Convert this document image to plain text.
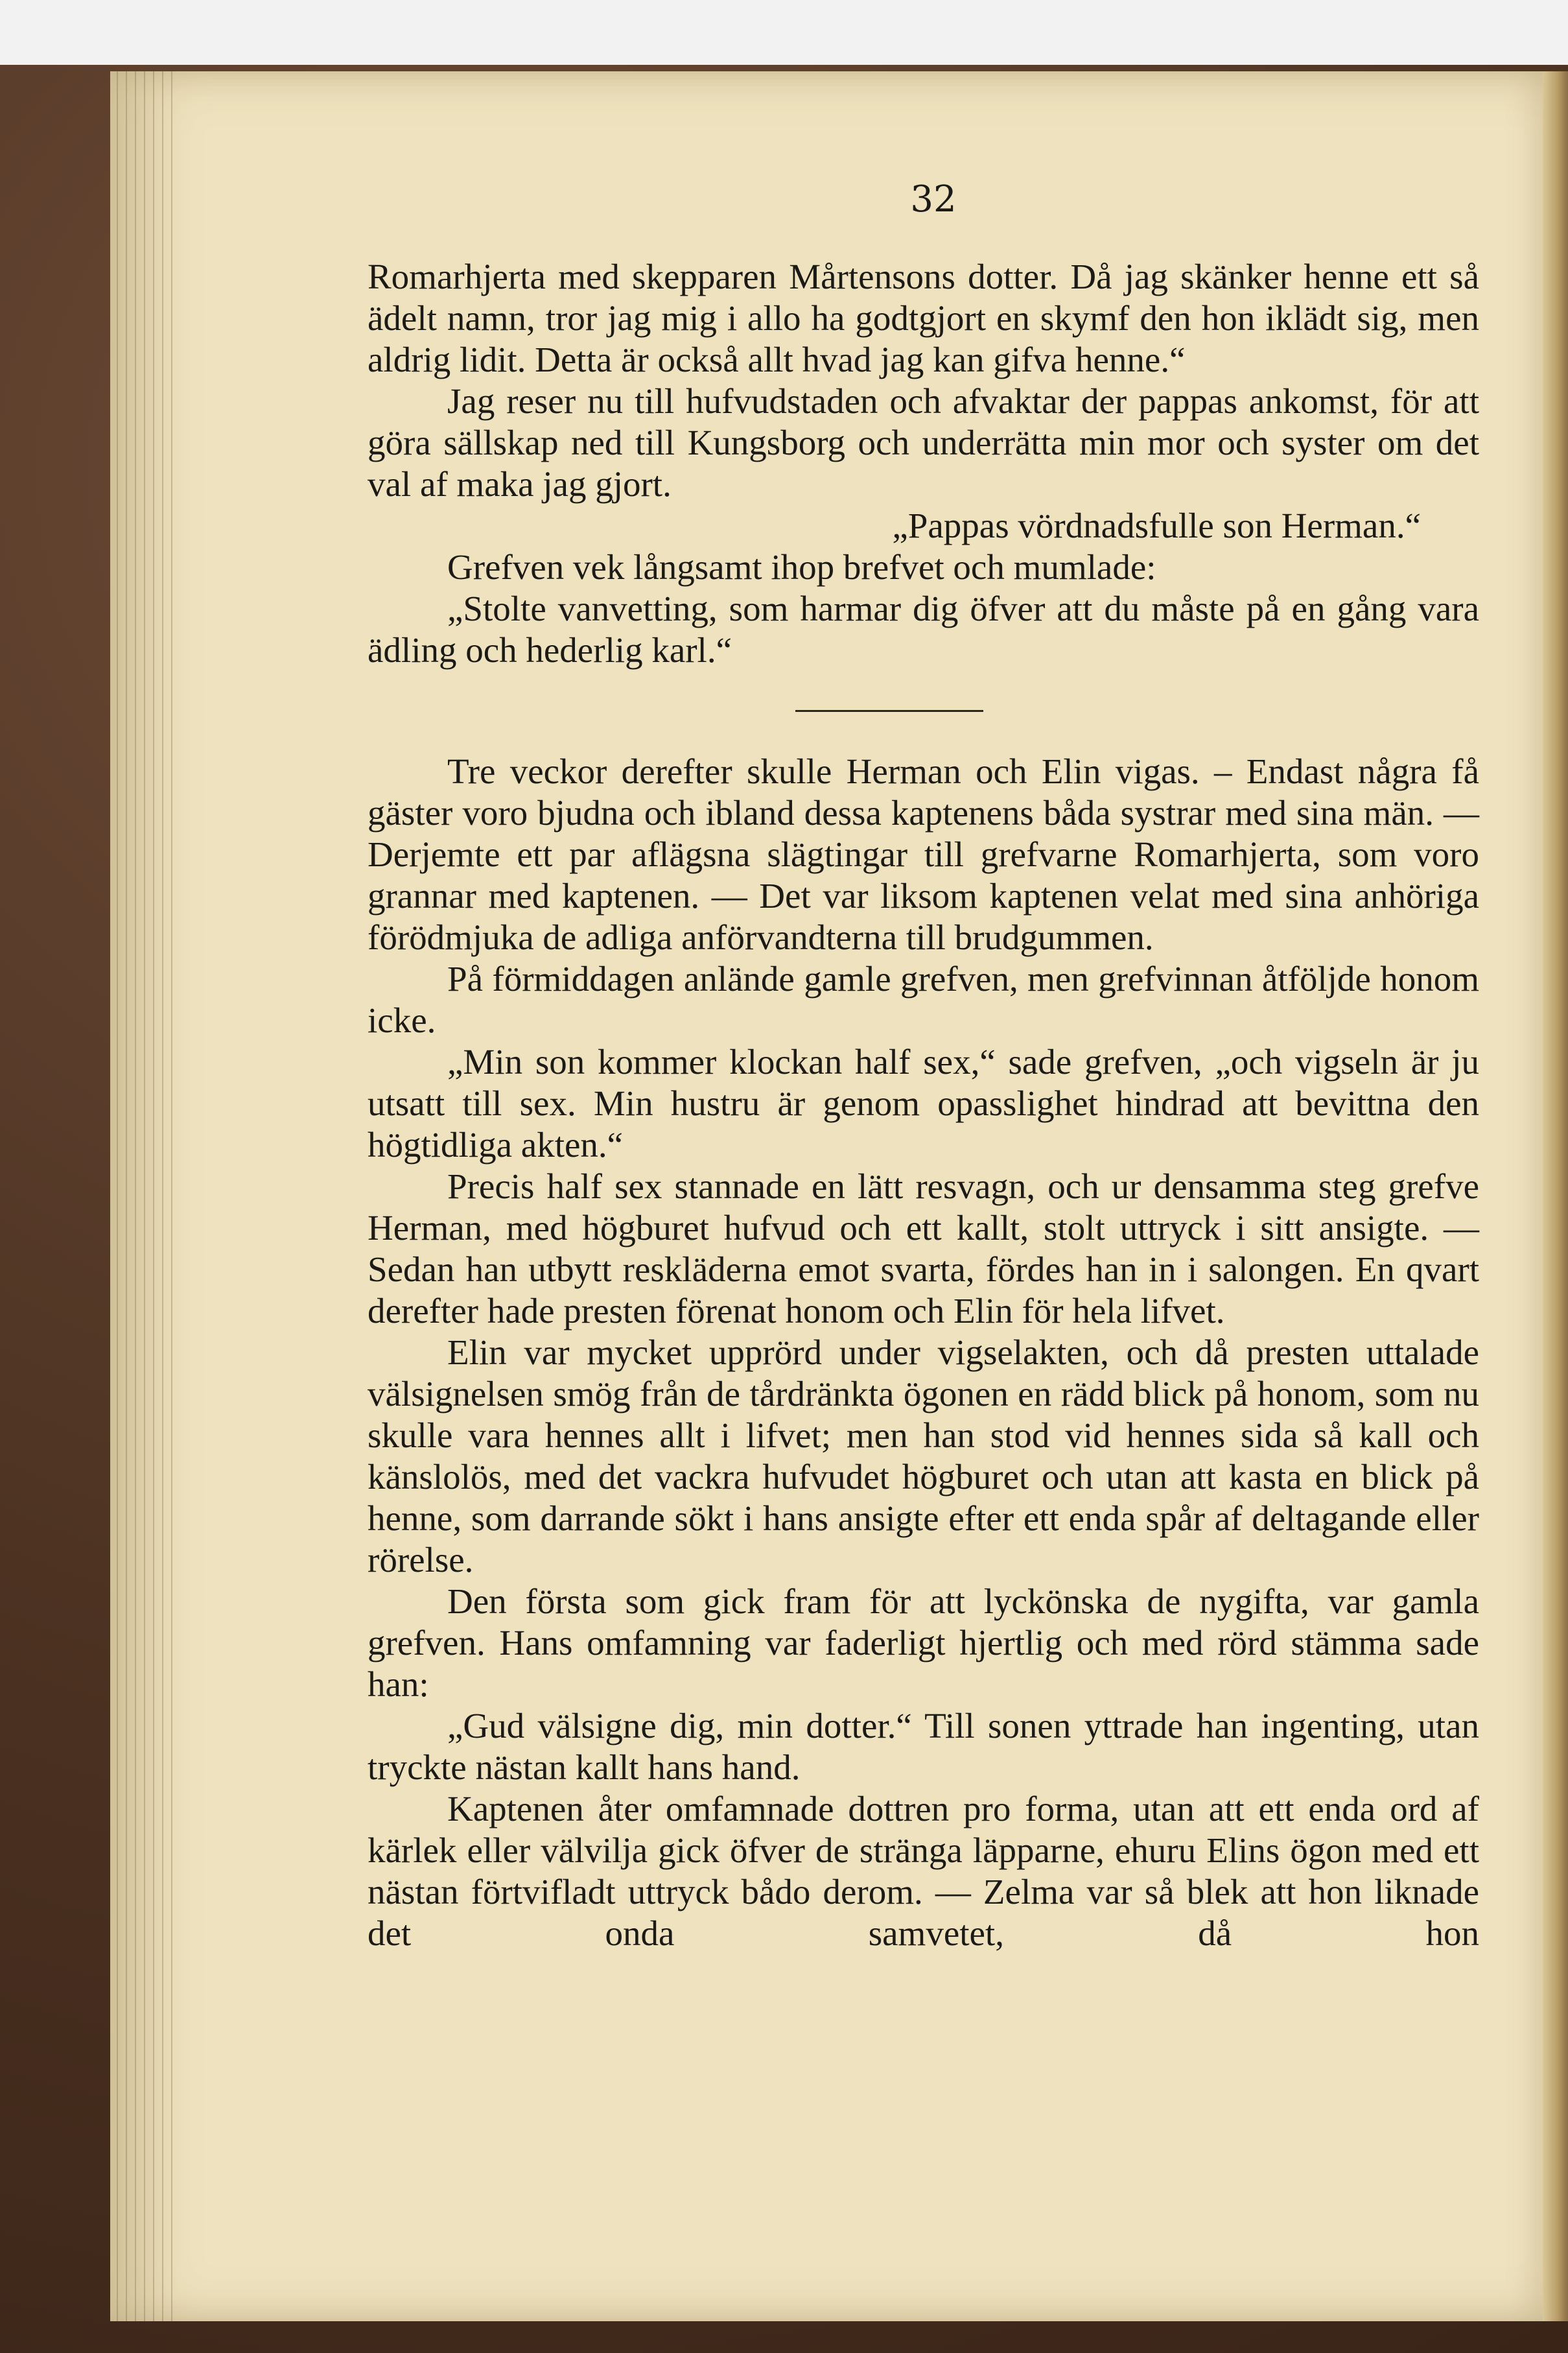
32

Romarhjerta med skepparen Mårtensons dotter. Då jag skänker henne ett så ädelt namn, tror jag mig i allo ha godtgjort en skymf den hon iklädt sig, men aldrig lidit. Detta är också allt hvad jag kan gifva henne.“

Jag reser nu till hufvudstaden och afvaktar der pappas ankomst, för att göra sällskap ned till Kungsborg och underrätta min mor och syster om det val af maka jag gjort.

„Pappas vördnadsfulle son Herman.“

Grefven vek långsamt ihop brefvet och mumlade:

„Stolte vanvetting, som harmar dig öfver att du måste på en gång vara ädling och hederlig karl.“

Tre veckor derefter skulle Herman och Elin vigas. – Endast några få gäster voro bjudna och ibland dessa kaptenens båda systrar med sina män. — Derjemte ett par aflägsna slägtingar till grefvarne Romarhjerta, som voro grannar med kaptenen. — Det var liksom kaptenen velat med sina anhöriga förödmjuka de adliga anförvandterna till brudgummen.

På förmiddagen anlände gamle grefven, men grefvinnan åtföljde honom icke.

„Min son kommer klockan half sex,“ sade grefven, „och vigseln är ju utsatt till sex. Min hustru är genom opasslighet hindrad att bevittna den högtidliga akten.“

Precis half sex stannade en lätt resvagn, och ur densamma steg grefve Herman, med högburet hufvud och ett kallt, stolt uttryck i sitt ansigte. — Sedan han utbytt reskläderna emot svarta, fördes han in i salongen. En qvart derefter hade presten förenat honom och Elin för hela lifvet.

Elin var mycket upprörd under vigselakten, och då presten uttalade välsignelsen smög från de tårdränkta ögonen en rädd blick på honom, som nu skulle vara hennes allt i lifvet; men han stod vid hennes sida så kall och känslolös, med det vackra hufvudet högburet och utan att kasta en blick på henne, som darrande sökt i hans ansigte efter ett enda spår af deltagande eller rörelse.

Den första som gick fram för att lyckönska de nygifta, var gamla grefven. Hans omfamning var faderligt hjertlig och med rörd stämma sade han:

„Gud välsigne dig, min dotter.“ Till sonen yttrade han ingenting, utan tryckte nästan kallt hans hand.

Kaptenen åter omfamnade dottren pro forma, utan att ett enda ord af kärlek eller välvilja gick öfver de stränga läpparne, ehuru Elins ögon med ett nästan förtvifladt uttryck bådo derom. — Zelma var så blek att hon liknade det onda samvetet, då hon
